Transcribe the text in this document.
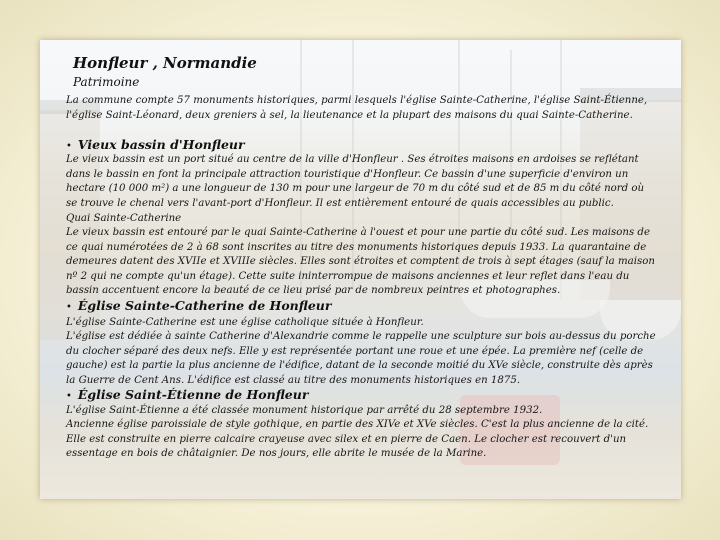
Honfleur , Normandie
Patrimoine

La commune compte 57 monuments historiques, parmi lesquels l'église Sainte-Catherine, l'église Saint-Étienne, l'église Saint-Léonard, deux greniers à sel, la lieutenance et la plupart des maisons du quai Sainte-Catherine.

• Vieux bassin d'Honfleur

Le vieux bassin est un port situé au centre de la ville d'Honfleur . Ses étroites maisons en ardoises se reflétant dans le bassin en font la principale attraction touristique d'Honfleur. Ce bassin d'une superficie d'environ un hectare (10 000 m²) a une longueur de 130 m pour une largeur de 70 m du côté sud et de 85 m du côté nord où se trouve le chenal vers l'avant-port d'Honfleur. Il est entièrement entouré de quais accessibles au public.

Quai Sainte-Catherine

Le vieux bassin est entouré par le quai Sainte-Catherine à l'ouest et pour une partie du côté sud. Les maisons de ce quai numérotées de 2 à 68 sont inscrites au titre des monuments historiques depuis 1933. La quarantaine de demeures datent des XVIIe et XVIIIe siècles. Elles sont étroites et comptent de trois à sept étages (sauf la maison nº 2 qui ne compte qu'un étage). Cette suite ininterrompue de maisons anciennes et leur reflet dans l'eau du bassin accentuent encore la beauté de ce lieu prisé par de nombreux peintres et photographes.

• Église Sainte-Catherine de Honfleur

L'église Sainte-Catherine est une église catholique située à Honfleur.

L'église est dédiée à sainte Catherine d'Alexandrie comme le rappelle une sculpture sur bois au-dessus du porche du clocher séparé des deux nefs. Elle y est représentée portant une roue et une épée. La première nef (celle de gauche) est la partie la plus ancienne de l'édifice, datant de la seconde moitié du XVe siècle, construite dès après la Guerre de Cent Ans. L'édifice est classé au titre des monuments historiques en 1875.

• Église Saint-Étienne de Honfleur

L'église Saint-Étienne a été classée monument historique par arrêté du 28 septembre 1932.

Ancienne église paroissiale de style gothique, en partie des XIVe et XVe siècles. C'est la plus ancienne de la cité. Elle est construite en pierre calcaire crayeuse avec silex et en pierre de Caen. Le clocher est recouvert d'un essentage en bois de châtaignier. De nos jours, elle abrite le musée de la Marine.
